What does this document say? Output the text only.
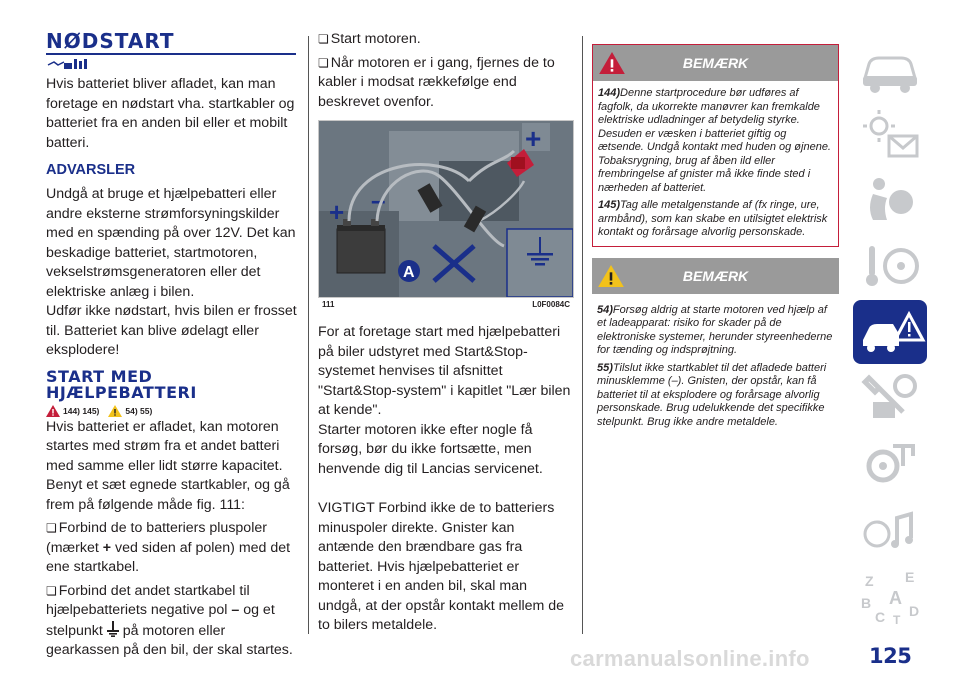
NØDSTART

Hvis batteriet bliver afladet, kan man foretage en nødstart vha. startkabler og batteriet fra en anden bil eller et mobilt batteri.

ADVARSLER

Undgå at bruge et hjælpebatteri eller andre eksterne strømforsyningskilder med en spænding på over 12V. Det kan beskadige batteriet, startmotoren, vekselstrømsgeneratoren eller det elektriske anlæg i bilen.

Udfør ikke nødstart, hvis bilen er frosset til. Batteriet kan blive ødelagt eller eksplodere!

START MED HJÆLPEBATTERI
144) 145)	54) 55)

Hvis batteriet er afladet, kan motoren startes med strøm fra et andet batteri med samme eller lidt større kapacitet. Benyt et sæt egnede startkabler, og gå frem på følgende måde fig. 111:

❏ Forbind de to batteriers pluspoler (mærket + ved siden af polen) med det ene startkabel.

❏ Forbind det andet startkabel til hjælpebatteriets negative pol – og et stelpunkt på motoren eller gearkassen på den bil, der skal startes.

❏ Start motoren.

❏ Når motoren er i gang, fjernes de to kabler i modsat rækkefølge end beskrevet ovenfor.

+ –
+
A
111	L0F0084C

For at foretage start med hjælpebatteri på biler udstyret med Start&Stop-systemet henvises til afsnittet "Start&Stop-system" i kapitlet "Lær bilen at kende".
Starter motoren ikke efter nogle få forsøg, bør du ikke fortsætte, men henvende dig til Lancias servicenet.

VIGTIGT Forbind ikke de to batteriers minuspoler direkte. Gnister kan antænde den brændbare gas fra batteriet. Hvis hjælpebatteriet er monteret i en anden bil, skal man undgå, at der opstår kontakt mellem de to bilers metaldele.

BEMÆRK

144)Denne startprocedure bør udføres af fagfolk, da ukorrekte manøvrer kan fremkalde elektriske udladninger af betydelig styrke. Desuden er væsken i batteriet giftig og ætsende. Undgå kontakt med huden og øjnene. Tobaksrygning, brug af åben ild eller frembringelse af gnister må ikke finde sted i nærheden af batteriet.

145)Tag alle metalgenstande af (fx ringe, ure, armbånd), som kan skabe en utilsigtet elektrisk kontakt og forårsage alvorlig personskade.

BEMÆRK

54)Forsøg aldrig at starte motoren ved hjælp af et ladeapparat: risiko for skader på de elektroniske systemer, herunder styreenhederne for tænding og indsprøjtning.

55)Tilslut ikke startkablet til det afladede batteri minusklemme (–). Gnisten, der opstår, kan få batteriet til at eksplodere og forårsage alvorlig personskade. Brug udelukkende det specifikke stelpunkt. Brug ikke andre metaldele.

Z E
B A
C D
T
125
carmanualsonline.info
